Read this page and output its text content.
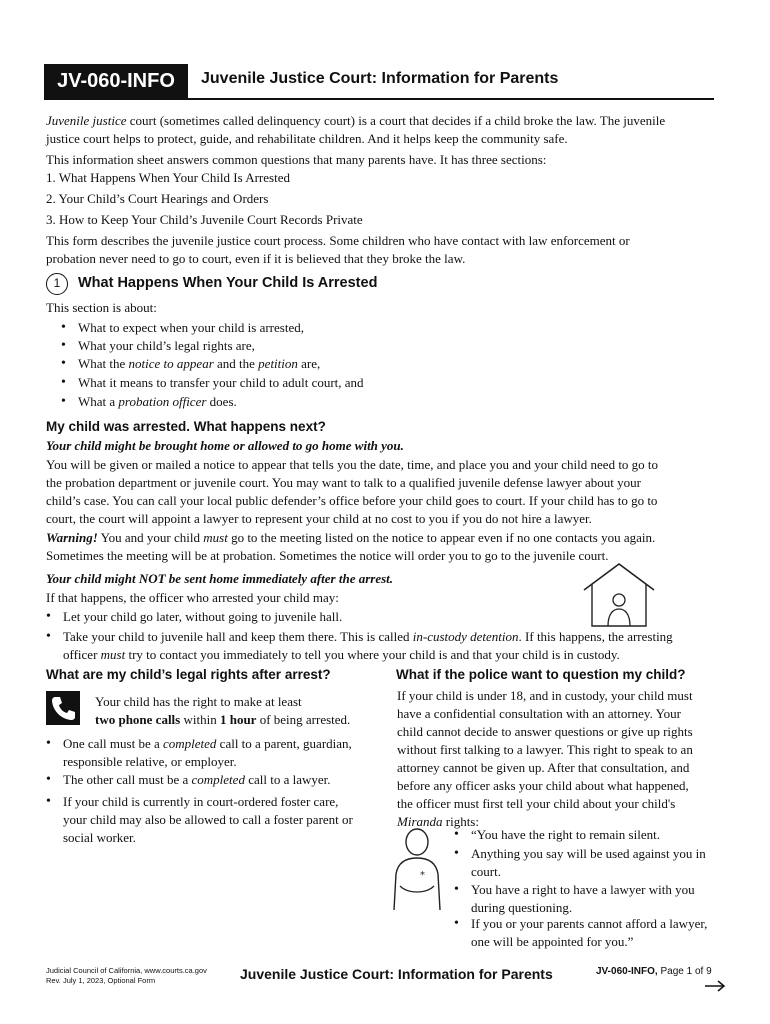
JV-060-INFO	Juvenile Justice Court: Information for Parents
Juvenile justice court (sometimes called delinquency court) is a court that decides if a child broke the law. The juvenile
justice court helps to protect, guide, and rehabilitate children. And it helps keep the community safe.
This information sheet answers common questions that many parents have. It has three sections:
1. What Happens When Your Child Is Arrested
2. Your Child’s Court Hearings and Orders
3. How to Keep Your Child’s Juvenile Court Records Private
This form describes the juvenile justice court process. Some children who have contact with law enforcement or
probation never need to go to court, even if it is believed that they broke the law.
1	What Happens When Your Child Is Arrested
This section is about:
• What to expect when your child is arrested,
• What your child’s legal rights are,
• What the notice to appear and the petition are,
• What it means to transfer your child to adult court, and
• What a probation officer does.
My child was arrested. What happens next?
Your child might be brought home or allowed to go home with you.
You will be given or mailed a notice to appear that tells you the date, time, and place you and your child need to go to
the probation department or juvenile court. You may want to talk to a qualified juvenile defense lawyer about your
child’s case. You can call your local public defender’s office before your child goes to court. If your child has to go to
court, the court will appoint a lawyer to represent your child at no cost to you if you do not hire a lawyer.
Warning! You and your child must go to the meeting listed on the notice to appear even if no one contacts you again.
Sometimes the meeting will be at probation. Sometimes the notice will order you to go to the juvenile court.
Your child might NOT be sent home immediately after the arrest.
If that happens, the officer who arrested your child may:
• Let your child go later, without going to juvenile hall.
• Take your child to juvenile hall and keep them there. This is called in-custody detention. If this happens, the arresting
officer must try to contact you immediately to tell you where your child is and that your child is in custody.
What are my child’s legal rights after arrest?
Your child has the right to make at least
two phone calls within 1 hour of being arrested.
• One call must be a completed call to a parent, guardian,
responsible relative, or employer.
• The other call must be a completed call to a lawyer.
• If your child is currently in court-ordered foster care,
your child may also be allowed to call a foster parent or
social worker.
What if the police want to question my child?
If your child is under 18, and in custody, your child must
have a confidential consultation with an attorney. Your
child cannot decide to answer questions or give up rights
without first talking to a lawyer. This right to speak to an
attorney cannot be given up. After that consultation, and
before any officer asks your child about what happened,
the officer must first tell your child about your child's
Miranda rights:
*
• “You have the right to remain silent.
• Anything you say will be used against you in
court.
• You have a right to have a lawyer with you
during questioning.
• If you or your parents cannot afford a lawyer,
one will be appointed for you.”
Judicial Council of California, www.courts.ca.gov
Rev. July 1, 2023, Optional Form	Juvenile Justice Court: Information for Parents	JV-060-INFO, Page 1 of 9
